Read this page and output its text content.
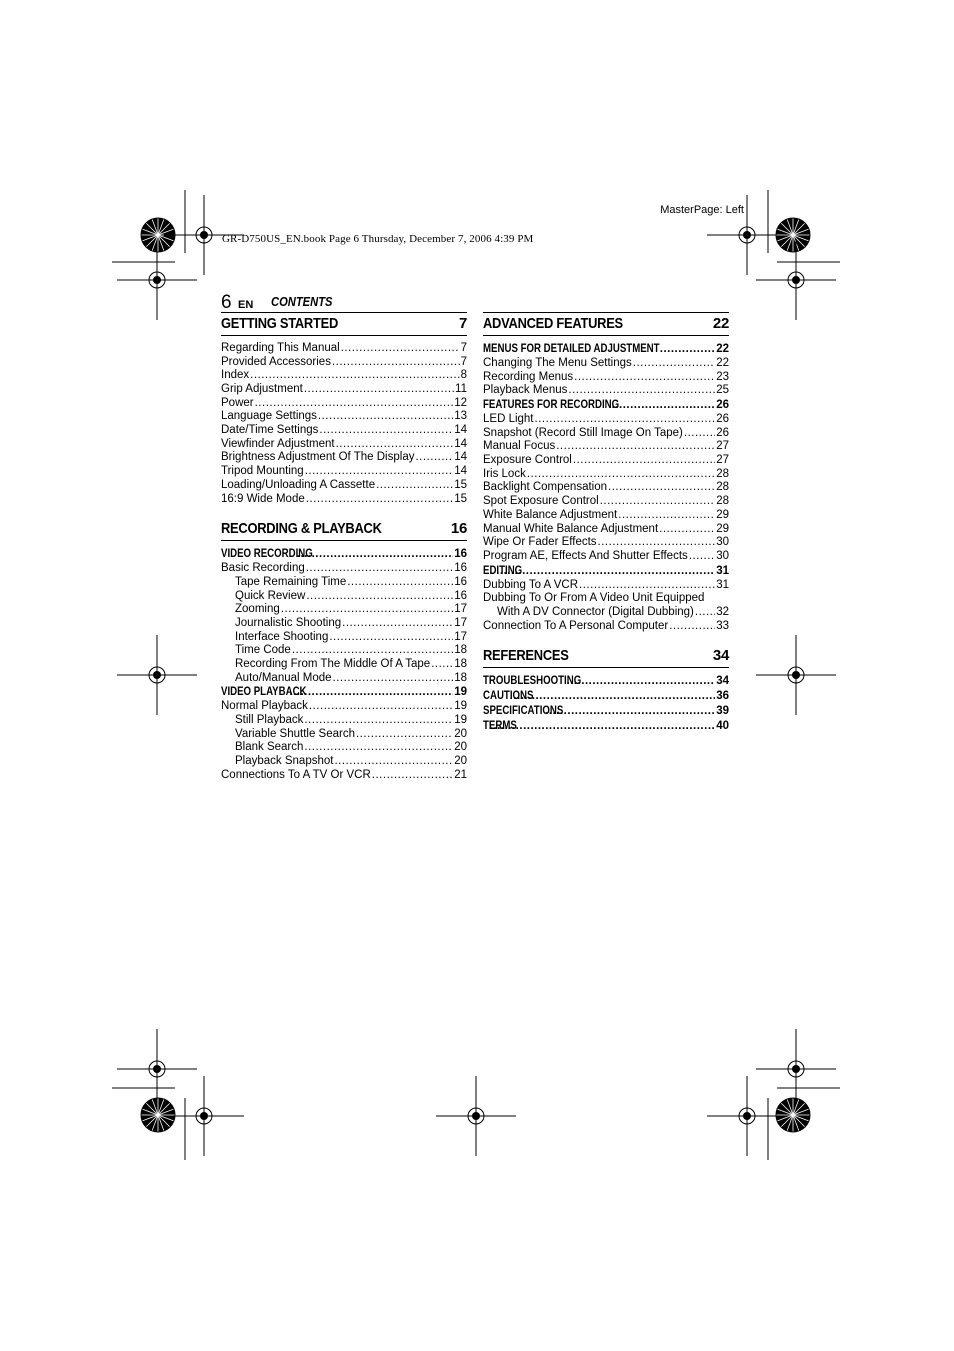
MasterPage: Left
GR-D750US_EN.book Page 6 Thursday, December 7, 2006 4:39 PM
6 EN CONTENTS
GETTING STARTED	7
Regarding This Manual .....	7
Provided Accessories .....	7
Index .....	8
Grip Adjustment .....	11
Power .....	12
Language Settings .....	13
Date/Time Settings .....	14
Viewfinder Adjustment .....	14
Brightness Adjustment Of The Display .....	14
Tripod Mounting .....	14
Loading/Unloading A Cassette .....	15
16:9 Wide Mode .....	15
RECORDING & PLAYBACK	16
VIDEO RECORDING .....	16
Basic Recording .....	16
Tape Remaining Time .....	16
Quick Review .....	16
Zooming .....	17
Journalistic Shooting .....	17
Interface Shooting .....	17
Time Code .....	18
Recording From The Middle Of A Tape ..... 18
Auto/Manual Mode .....	18
VIDEO PLAYBACK .....	19
Normal Playback .....	19
Still Playback .....	19
Variable Shuttle Search .....	20
Blank Search .....	20
Playback Snapshot .....	20
Connections To A TV Or VCR .....	21
ADVANCED FEATURES	22
MENUS FOR DETAILED ADJUSTMENT .....	22
Changing The Menu Settings .....	22
Recording Menus .....	23
Playback Menus .....	25
FEATURES FOR RECORDING .....	26
LED Light .....	26
Snapshot (Record Still Image On Tape) .....	26
Manual Focus .....	27
Exposure Control .....	27
Iris Lock .....	28
Backlight Compensation .....	28
Spot Exposure Control .....	28
White Balance Adjustment .....	29
Manual White Balance Adjustment .....	29
Wipe Or Fader Effects .....	30
Program AE, Effects And Shutter Effects ..... 30
EDITING .....	31
Dubbing To A VCR .....	31
Dubbing To Or From A Video Unit Equipped
With A DV Connector (Digital Dubbing) ..... 32
Connection To A Personal Computer .....	33
REFERENCES	34
TROUBLESHOOTING .....	34
CAUTIONS .....	36
SPECIFICATIONS .....	39
TERMS .....	40
